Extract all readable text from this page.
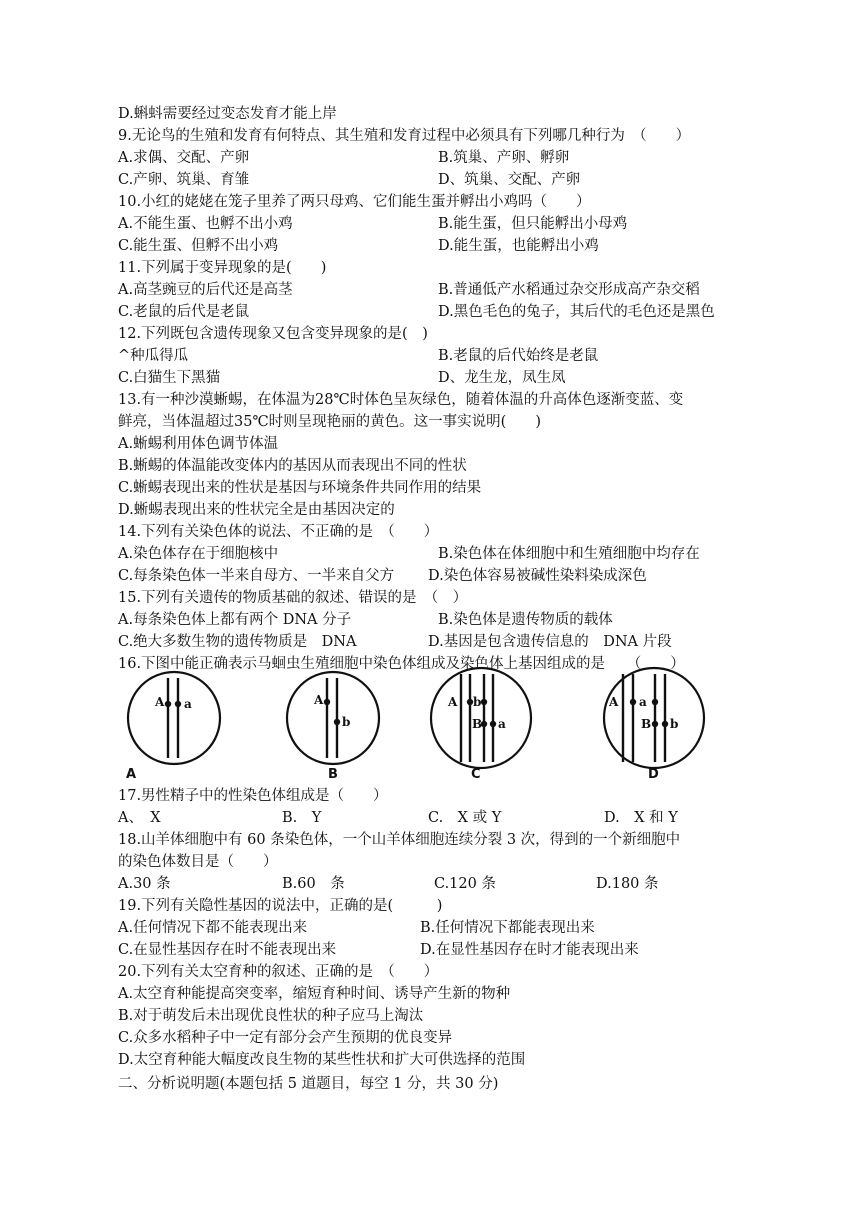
D.蝌蚪需要经过变态发育才能上岸
9.无论鸟的生殖和发育有何特点、其生殖和发育过程中必须具有下列哪几种行为　（　　）
A.求偶、交配、产卵	B.筑巢、产卵、孵卵
C.产卵、筑巢、育雏	D、筑巢、交配、产卵
10.小红的姥姥在笼子里养了两只母鸡、它们能生蛋并孵出小鸡吗（　　）
A.不能生蛋、也孵不出小鸡	B.能生蛋，但只能孵出小母鸡
C.能生蛋、但孵不出小鸡	D.能生蛋，也能孵出小鸡
11.下列属于变异现象的是(　　)
A.高茎豌豆的后代还是高茎	B.普通低产水稻通过杂交形成高产杂交稻
C.老鼠的后代是老鼠	D.黑色毛色的兔子，其后代的毛色还是黑色
12.下列既包含遗传现象又包含变异现象的是(　)
^种瓜得瓜	B.老鼠的后代始终是老鼠
C.白猫生下黑猫	D、龙生龙，凤生凤
13.有一种沙漠蜥蜴，在体温为28℃时体色呈灰绿色，随着体温的升高体色逐渐变蓝、变
鲜亮，当体温超过35℃时则呈现艳丽的黄色。这一事实说明(　　)
A.蜥蜴利用体色调节体温
B.蜥蜴的体温能改变体内的基因从而表现出不同的性状
C.蜥蜴表现出来的性状是基因与环境条件共同作用的结果
D.蜥蜴表现出来的性状完全是由基因决定的
14.下列有关染色体的说法、不正确的是　（　　）
A.染色体存在于细胞核中	B.染色体在体细胞中和生殖细胞中均存在
C.每条染色体一半来自母方、一半来自父方 D.染色体容易被碱性染料染成深色
15.下列有关遗传的物质基础的叙述、错误的是　（　）
A.每条染色体上都有两个 DNA 分子	B.染色体是遗传物质的载体
C.绝大多数生物的遗传物质是　DNA	D.基因是包含遗传信息的　DNA 片段
16.下图中能正确表示马蛔虫生殖细胞中染色体组成及染色体上基因组成的是　　（　　）
A a	A
b
A b
B a
A a
B b
A	B	C	D
17.男性精子中的性染色体组成是（　　）
A、　X	B.　Y	C.　X 或 Y	D.　X 和 Y
18.山羊体细胞中有 60 条染色体，一个山羊体细胞连续分裂 3 次，得到的一个新细胞中
的染色体数目是（　　）
A.30 条	B.60　条	C.120 条	D.180 条
19.下列有关隐性基因的说法中，正确的是(　　　)
A.任何情况下都不能表现出来	B.任何情况下都能表现出来
C.在显性基因存在时不能表现出来	D.在显性基因存在时才能表现出来
20.下列有关太空育种的叙述、正确的是　（　　）
A.太空育种能提高突变率，缩短育种时间、诱导产生新的物种
B.对于萌发后未出现优良性状的种子应马上淘汰
C.众多水稻种子中一定有部分会产生预期的优良变异
D.太空育种能大幅度改良生物的某些性状和扩大可供选择的范围
二、分析说明题(本题包括 5 道题目，每空 1 分，共 30 分)
